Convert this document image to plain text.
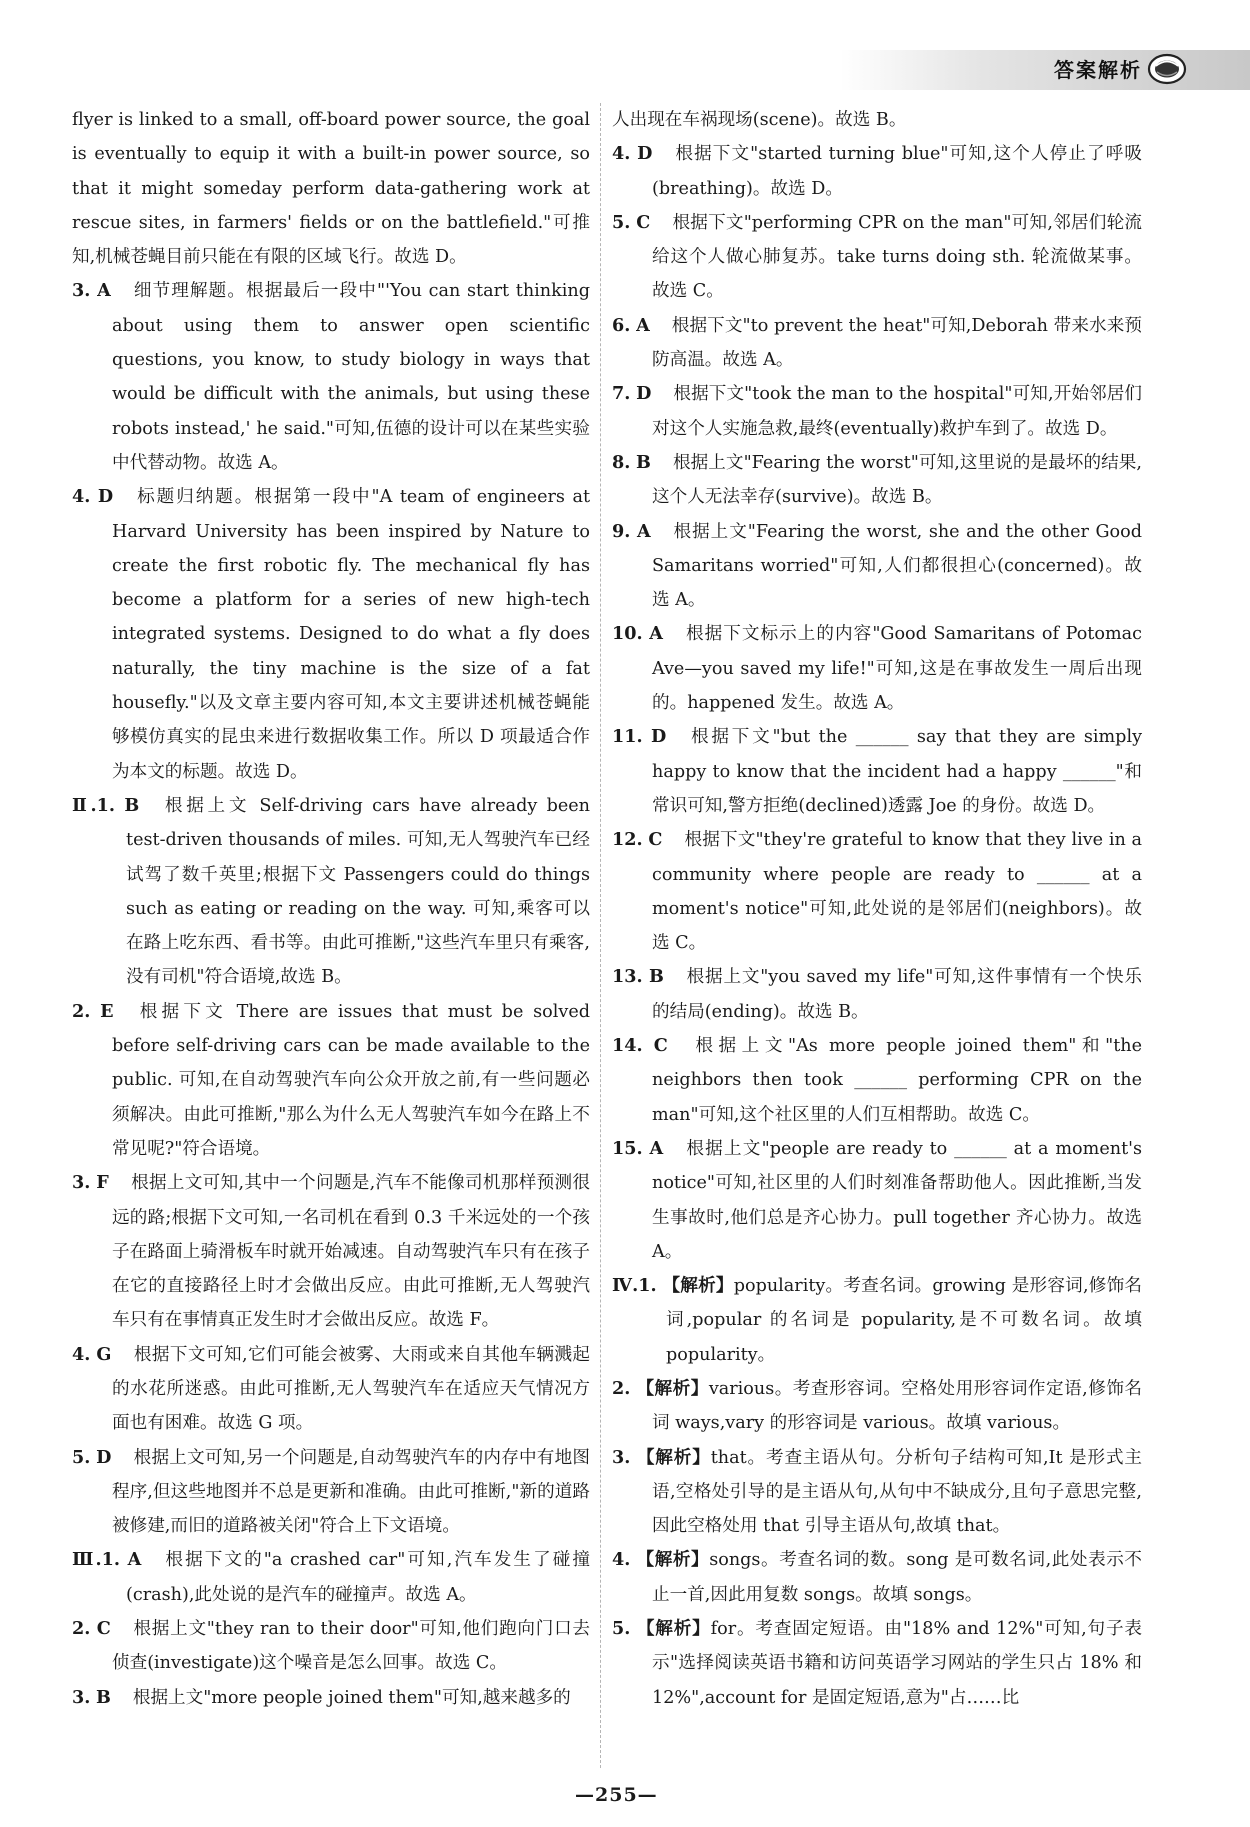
答案解析

flyer is linked to a small, off-board power source, the goal is eventually to equip it with a built-in power source, so that it might someday perform data-gathering work at rescue sites, in farmers' fields or on the battlefield."可推知,机械苍蝇目前只能在有限的区域飞行。故选 D。

3. A 细节理解题。根据最后一段中"'You can start thinking about using them to answer open scientific questions, you know, to study biology in ways that would be difficult with the animals, but using these robots instead,' he said."可知,伍德的设计可以在某些实验中代替动物。故选 A。

4. D 标题归纳题。根据第一段中"A team of engineers at Harvard University has been inspired by Nature to create the first robotic fly. The mechanical fly has become a platform for a series of new high-tech integrated systems. Designed to do what a fly does naturally, the tiny machine is the size of a fat housefly."以及文章主要内容可知,本文主要讲述机械苍蝇能够模仿真实的昆虫来进行数据收集工作。所以 D 项最适合作为本文的标题。故选 D。

Ⅱ.1. B 根据上文 Self-driving cars have already been test-driven thousands of miles. 可知,无人驾驶汽车已经试驾了数千英里;根据下文 Passengers could do things such as eating or reading on the way. 可知,乘客可以在路上吃东西、看书等。由此可推断,"这些汽车里只有乘客,没有司机"符合语境,故选 B。

2. E 根据下文 There are issues that must be solved before self-driving cars can be made available to the public. 可知,在自动驾驶汽车向公众开放之前,有一些问题必须解决。由此可推断,"那么为什么无人驾驶汽车如今在路上不常见呢?"符合语境。

3. F 根据上文可知,其中一个问题是,汽车不能像司机那样预测很远的路;根据下文可知,一名司机在看到 0.3 千米远处的一个孩子在路面上骑滑板车时就开始减速。自动驾驶汽车只有在孩子在它的直接路径上时才会做出反应。由此可推断,无人驾驶汽车只有在事情真正发生时才会做出反应。故选 F。

4. G 根据下文可知,它们可能会被雾、大雨或来自其他车辆溅起的水花所迷惑。由此可推断,无人驾驶汽车在适应天气情况方面也有困难。故选 G 项。

5. D 根据上文可知,另一个问题是,自动驾驶汽车的内存中有地图程序,但这些地图并不总是更新和准确。由此可推断,"新的道路被修建,而旧的道路被关闭"符合上下文语境。

Ⅲ.1. A 根据下文的"a crashed car"可知,汽车发生了碰撞(crash),此处说的是汽车的碰撞声。故选 A。

2. C 根据上文"they ran to their door"可知,他们跑向门口去侦查(investigate)这个噪音是怎么回事。故选 C。

3. B 根据上文"more people joined them"可知,越来越多的

人出现在车祸现场(scene)。故选 B。

4. D 根据下文"started turning blue"可知,这个人停止了呼吸(breathing)。故选 D。

5. C 根据下文"performing CPR on the man"可知,邻居们轮流给这个人做心肺复苏。take turns doing sth. 轮流做某事。故选 C。

6. A 根据下文"to prevent the heat"可知,Deborah 带来水来预防高温。故选 A。

7. D 根据下文"took the man to the hospital"可知,开始邻居们对这个人实施急救,最终(eventually)救护车到了。故选 D。

8. B 根据上文"Fearing the worst"可知,这里说的是最坏的结果,这个人无法幸存(survive)。故选 B。

9. A 根据上文"Fearing the worst, she and the other Good Samaritans worried"可知,人们都很担心(concerned)。故选 A。

10. A 根据下文标示上的内容"Good Samaritans of Potomac Ave—you saved my life!"可知,这是在事故发生一周后出现的。happened 发生。故选 A。

11. D 根据下文"but the ______ say that they are simply happy to know that the incident had a happy ______"和常识可知,警方拒绝(declined)透露 Joe 的身份。故选 D。

12. C 根据下文"they're grateful to know that they live in a community where people are ready to ______ at a moment's notice"可知,此处说的是邻居们(neighbors)。故选 C。

13. B 根据上文"you saved my life"可知,这件事情有一个快乐的结局(ending)。故选 B。

14. C 根据上文"As more people joined them"和"the neighbors then took ______ performing CPR on the man"可知,这个社区里的人们互相帮助。故选 C。

15. A 根据上文"people are ready to ______ at a moment's notice"可知,社区里的人们时刻准备帮助他人。因此推断,当发生事故时,他们总是齐心协力。pull together 齐心协力。故选 A。

Ⅳ.1. 【解析】popularity。考查名词。growing 是形容词,修饰名词,popular 的名词是 popularity,是不可数名词。故填 popularity。

2. 【解析】various。考查形容词。空格处用形容词作定语,修饰名词 ways,vary 的形容词是 various。故填 various。

3. 【解析】that。考查主语从句。分析句子结构可知,It 是形式主语,空格处引导的是主语从句,从句中不缺成分,且句子意思完整,因此空格处用 that 引导主语从句,故填 that。

4. 【解析】songs。考查名词的数。song 是可数名词,此处表示不止一首,因此用复数 songs。故填 songs。

5. 【解析】for。考查固定短语。由"18% and 12%"可知,句子表示"选择阅读英语书籍和访问英语学习网站的学生只占 18% 和 12%",account for 是固定短语,意为"占……比

—255—
